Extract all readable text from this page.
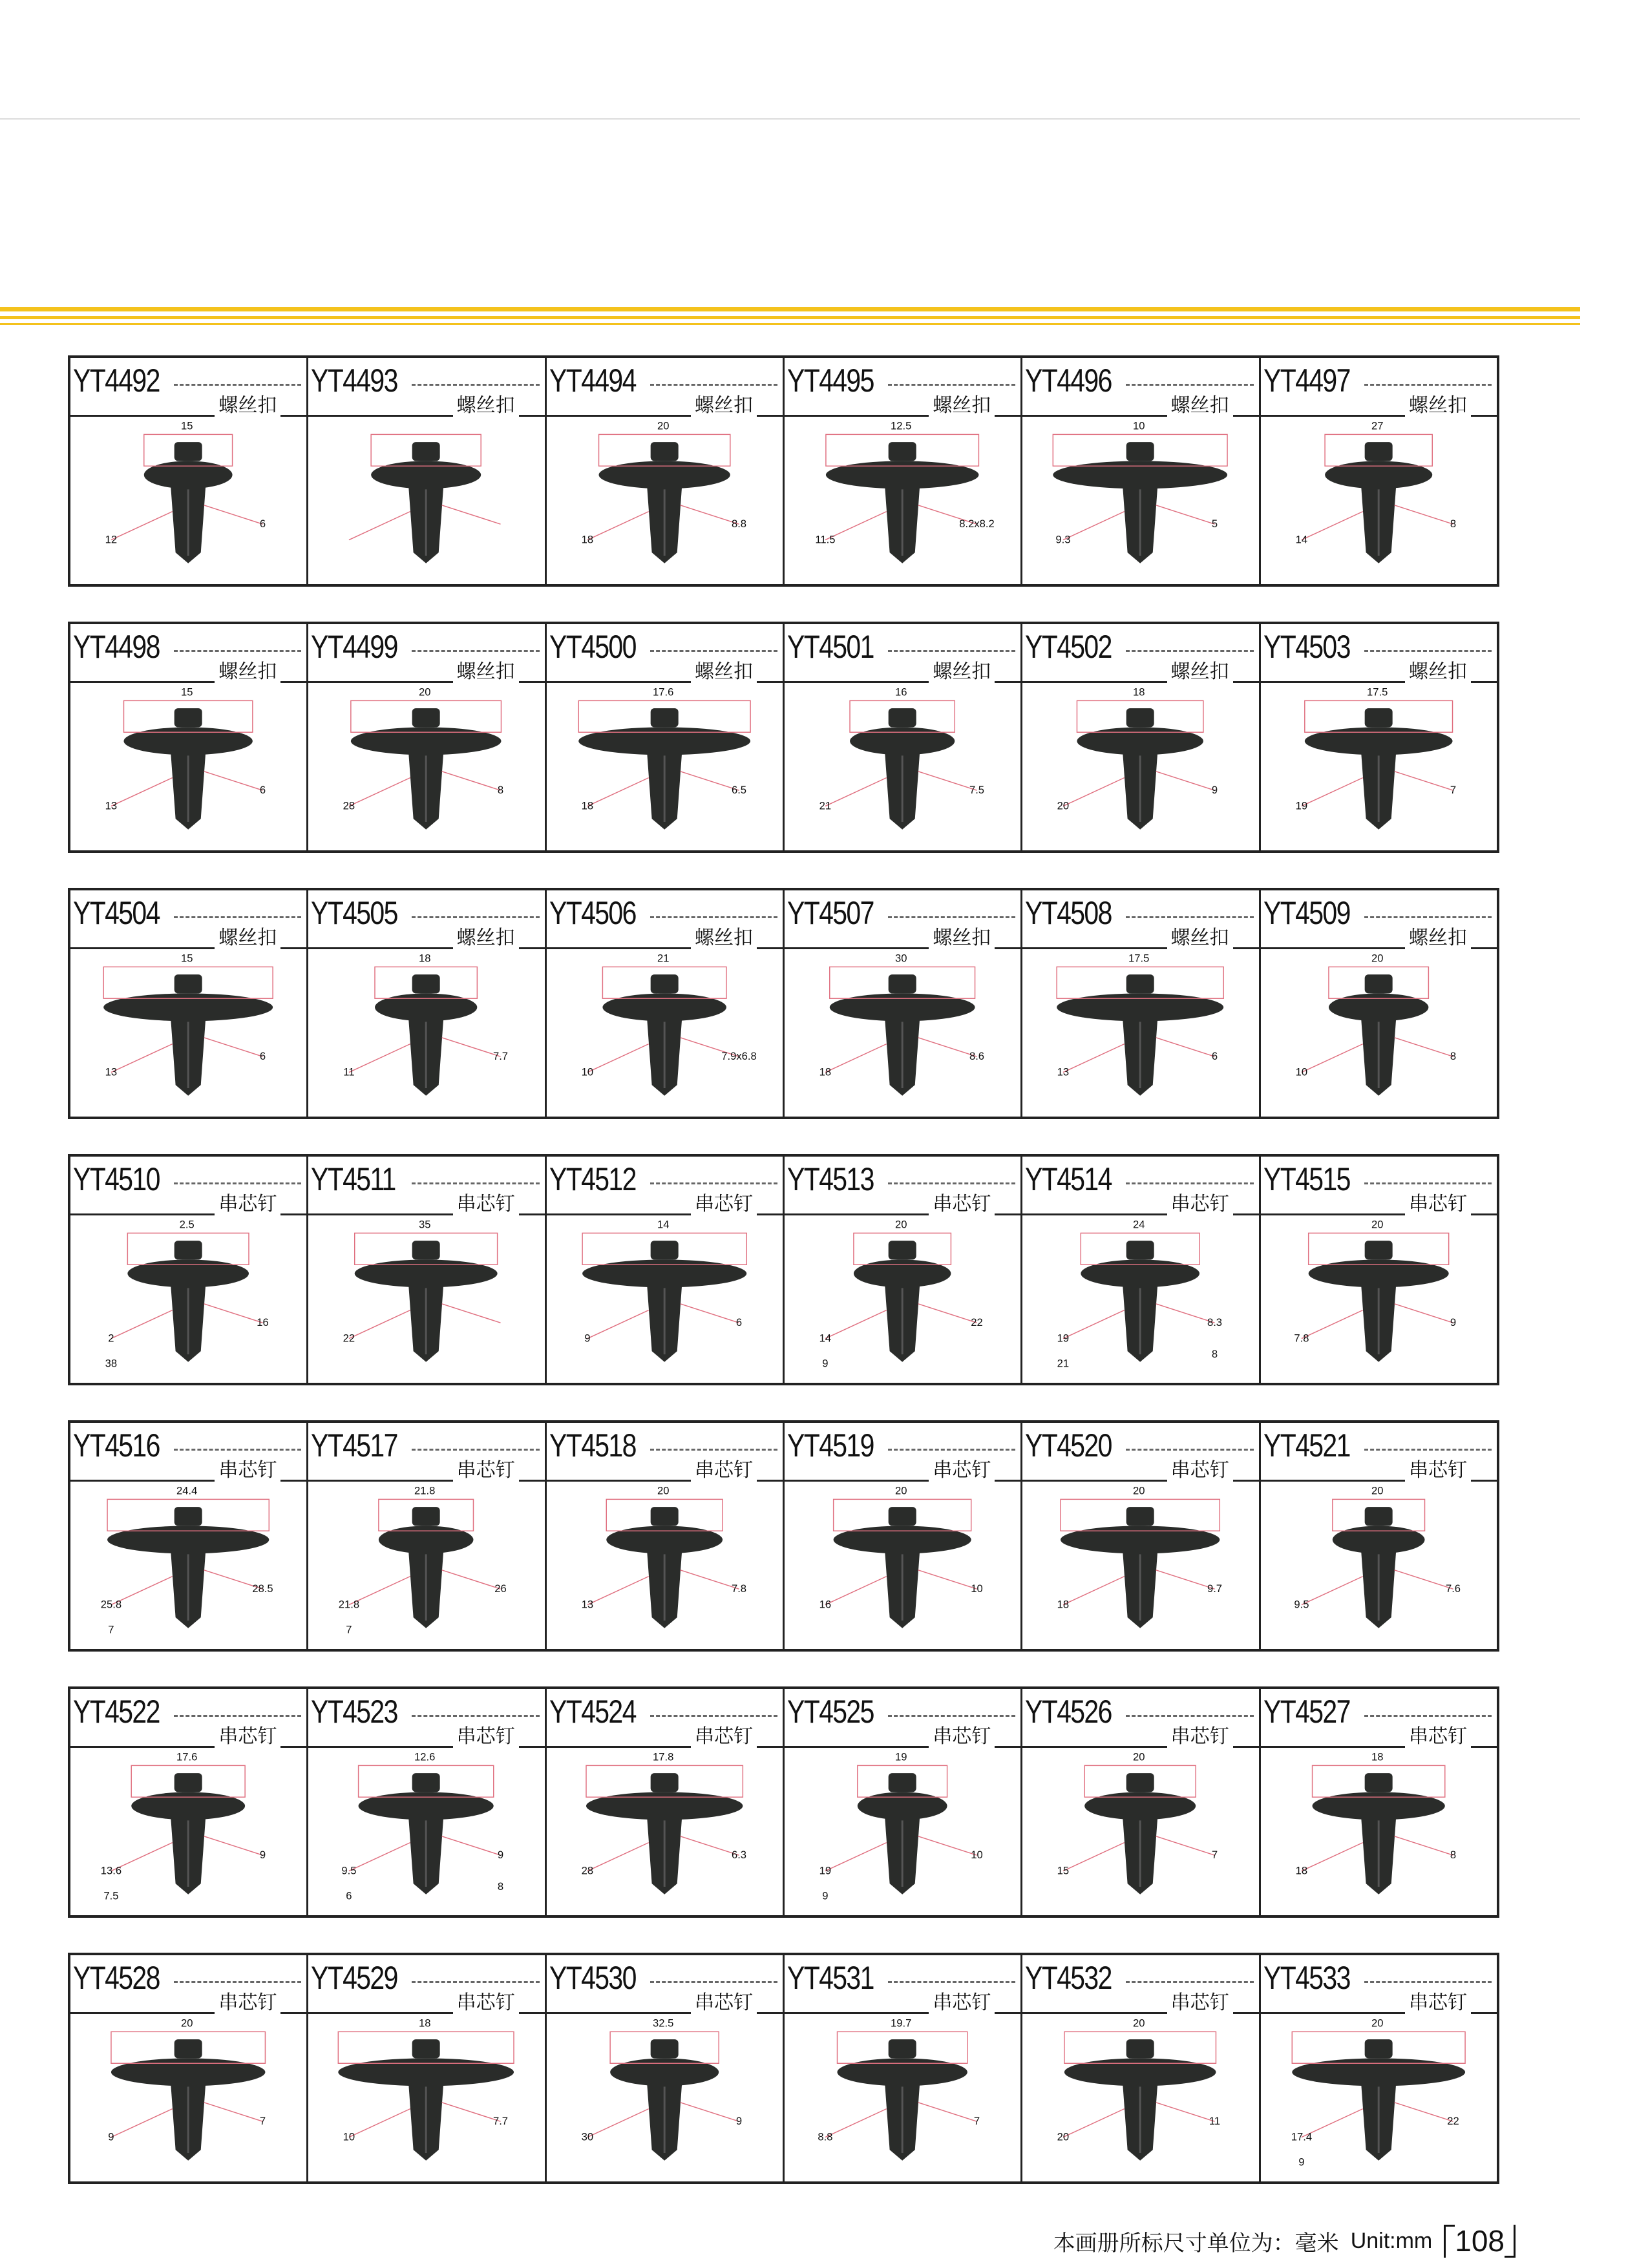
YT4492
螺丝扣
15
12
6
YT4493
螺丝扣
YT4494
螺丝扣
20
18
8.8
YT4495
螺丝扣
12.5
11.5
8.2x8.2
YT4496
螺丝扣
10
9.3
5
YT4497
螺丝扣
27
14
8
YT4498
螺丝扣
15
13
6
YT4499
螺丝扣
20
28
8
YT4500
螺丝扣
17.6
18
6.5
YT4501
螺丝扣
16
21
7.5
YT4502
螺丝扣
18
20
9
YT4503
螺丝扣
17.5
19
7
YT4504
螺丝扣
15
13
6
YT4505
螺丝扣
18
11
7.7
YT4506
螺丝扣
21
10
7.9x6.8
YT4507
螺丝扣
30
18
8.6
YT4508
螺丝扣
17.5
13
6
YT4509
螺丝扣
20
10
8
YT4510
串芯钉
2.5
2
16
38
YT4511
串芯钉
35
22
YT4512
串芯钉
14
9
6
YT4513
串芯钉
20
14
22
9
YT4514
串芯钉
24
19
8.3
21
8
YT4515
串芯钉
20
7.8
9
YT4516
串芯钉
24.4
25.8
28.5
7
YT4517
串芯钉
21.8
21.8
26
7
YT4518
串芯钉
20
13
7.8
YT4519
串芯钉
20
16
10
YT4520
串芯钉
20
18
9.7
YT4521
串芯钉
20
9.5
7.6
YT4522
串芯钉
17.6
13.6
9
7.5
YT4523
串芯钉
12.6
9.5
9
6
8
YT4524
串芯钉
17.8
28
6.3
YT4525
串芯钉
19
19
10
9
YT4526
串芯钉
20
15
7
YT4527
串芯钉
18
18
8
YT4528
串芯钉
20
9
7
YT4529
串芯钉
18
10
7.7
YT4530
串芯钉
32.5
30
9
YT4531
串芯钉
19.7
8.8
7
YT4532
串芯钉
20
20
11
YT4533
串芯钉
20
17.4
22
9
本画册所标尺寸单位为：毫米 Unit:mm 108
